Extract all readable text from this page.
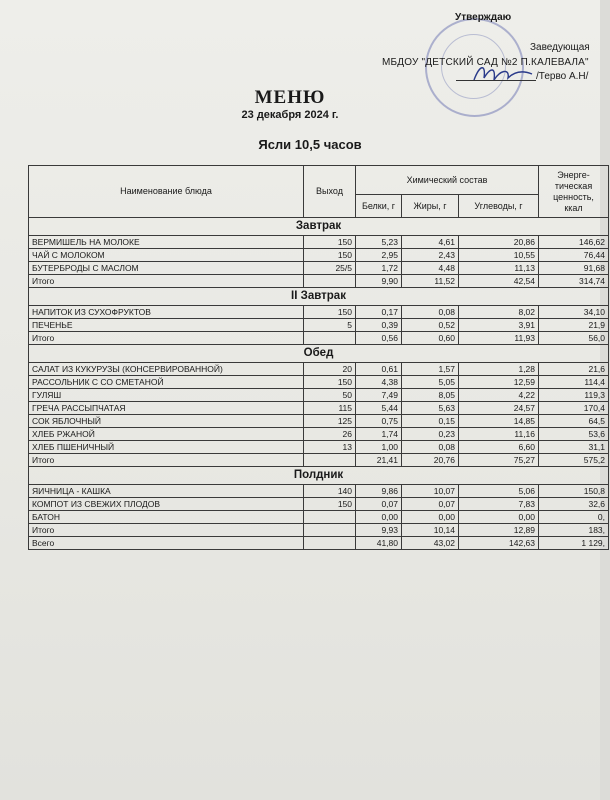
Утверждаю
Заведующая
МБДОУ "ДЕТСКИЙ САД №2 П.КАЛЕВАЛА"
/Терво А.Н/
МЕНЮ
23 декабря 2024 г.
Ясли 10,5 часов
Наименование блюда	Выход	Химический состав			Энерге-
тическая
ценность,
ккал

		Белки, г	Жиры, г	Углеводы, г	
Завтрак					
ВЕРМИШЕЛЬ НА МОЛОКЕ	150	5,23	4,61	20,86	146,62
ЧАЙ С МОЛОКОМ	150	2,95	2,43	10,55	76,44
БУТЕРБРОДЫ С МАСЛОМ	25/5	1,72	4,48	11,13	91,68
Итого		9,90	11,52	42,54	314,74
II Завтрак					
НАПИТОК ИЗ СУХОФРУКТОВ	150	0,17	0,08	8,02	34,10
ПЕЧЕНЬЕ	5	0,39	0,52	3,91	21,9
Итого		0,56	0,60	11,93	56,0
Обед					
САЛАТ ИЗ КУКУРУЗЫ (КОНСЕРВИРОВАННОЙ)	20	0,61	1,57	1,28	21,6
РАССОЛЬНИК С СО СМЕТАНОЙ	150	4,38	5,05	12,59	114,4
ГУЛЯШ	50	7,49	8,05	4,22	119,3
ГРЕЧА РАССЫПЧАТАЯ	115	5,44	5,63	24,57	170,4
СОК ЯБЛОЧНЫЙ	125	0,75	0,15	14,85	64,5
ХЛЕБ РЖАНОЙ	26	1,74	0,23	11,16	53,6
ХЛЕБ ПШЕНИЧНЫЙ	13	1,00	0,08	6,60	31,1
Итого		21,41	20,76	75,27	575,2
Полдник					
ЯИЧНИЦА - КАШКА	140	9,86	10,07	5,06	150,8
КОМПОТ ИЗ СВЕЖИХ ПЛОДОВ	150	0,07	0,07	7,83	32,6
БАТОН		0,00	0,00	0,00	0,
Итого		9,93	10,14	12,89	183,
Всего		41,80	43,02	142,63	1 129,
